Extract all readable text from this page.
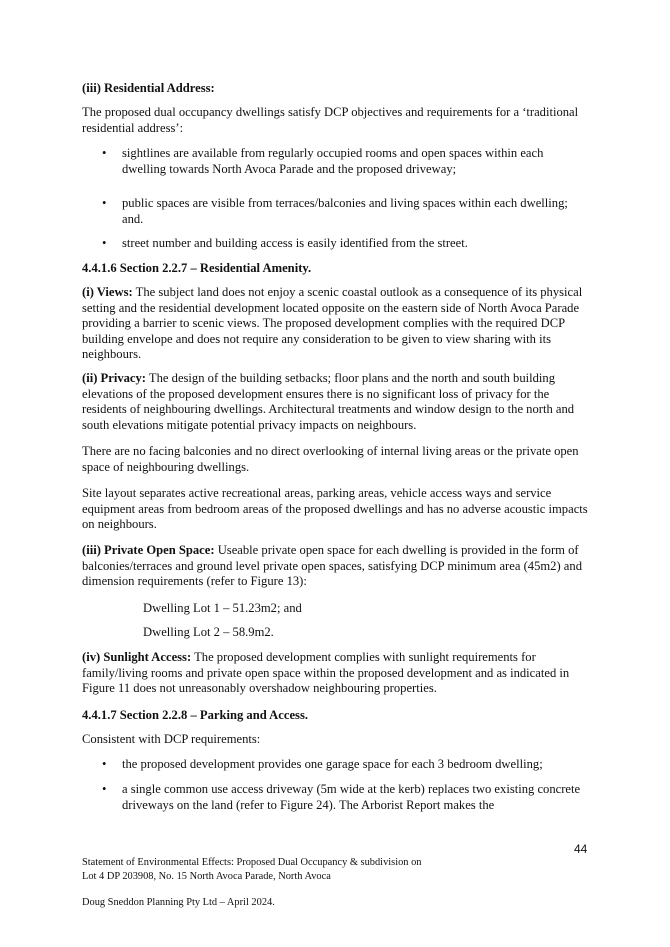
(iii) Residential Address:
The proposed dual occupancy dwellings satisfy DCP objectives and requirements for a ‘traditional residential address’:
• sightlines are available from regularly occupied rooms and open spaces within each dwelling towards North Avoca Parade and the proposed driveway;
• public spaces are visible from terraces/balconies and living spaces within each dwelling; and.
• street number and building access is easily identified from the street.
4.4.1.6 Section 2.2.7 – Residential Amenity.
(i) Views: The subject land does not enjoy a scenic coastal outlook as a consequence of its physical setting and the residential development located opposite on the eastern side of North Avoca Parade providing a barrier to scenic views. The proposed development complies with the required DCP building envelope and does not require any consideration to be given to view sharing with its neighbours.
(ii) Privacy: The design of the building setbacks; floor plans and the north and south building elevations of the proposed development ensures there is no significant loss of privacy for the residents of neighbouring dwellings. Architectural treatments and window design to the north and south elevations mitigate potential privacy impacts on neighbours.
There are no facing balconies and no direct overlooking of internal living areas or the private open space of neighbouring dwellings.
Site layout separates active recreational areas, parking areas, vehicle access ways and service equipment areas from bedroom areas of the proposed dwellings and has no adverse acoustic impacts on neighbours.
(iii) Private Open Space: Useable private open space for each dwelling is provided in the form of balconies/terraces and ground level private open spaces, satisfying DCP minimum area (45m2) and dimension requirements (refer to Figure 13):
Dwelling Lot 1 – 51.23m2; and
Dwelling Lot 2 – 58.9m2.
(iv) Sunlight Access: The proposed development complies with sunlight requirements for family/living rooms and private open space within the proposed development and as indicated in Figure 11 does not unreasonably overshadow neighbouring properties.
4.4.1.7 Section 2.2.8 – Parking and Access.
Consistent with DCP requirements:
• the proposed development provides one garage space for each 3 bedroom dwelling;
• a single common use access driveway (5m wide at the kerb) replaces two existing concrete driveways on the land (refer to Figure 24). The Arborist Report makes the
44
Statement of Environmental Effects: Proposed Dual Occupancy & subdivision on
Lot 4 DP 203908, No. 15 North Avoca Parade, North Avoca
Doug Sneddon Planning Pty Ltd – April 2024.
